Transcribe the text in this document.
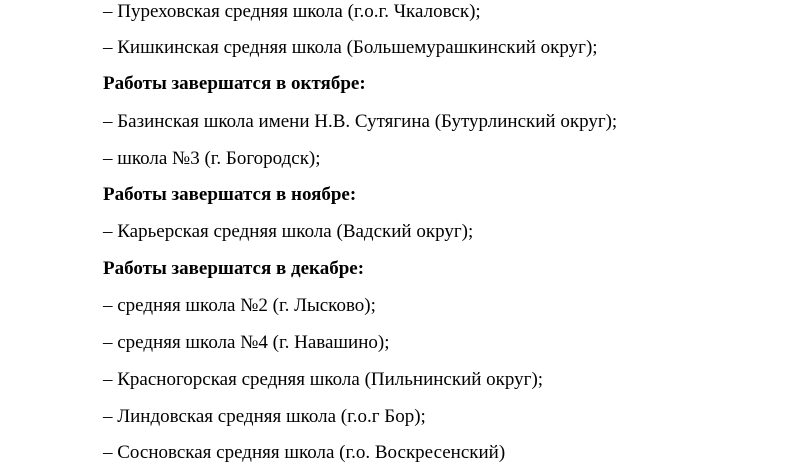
– Пуреховская средняя школа (г.о.г. Чкаловск);
– Кишкинская средняя школа (Большемурашкинский округ);
Работы завершатся в октябре:
– Базинская школа имени Н.В. Сутягина (Бутурлинский округ);
– школа №3 (г. Богородск);
Работы завершатся в ноябре:
– Карьерская средняя школа (Вадский округ);
Работы завершатся в декабре:
– средняя школа №2 (г. Лысково);
– средняя школа №4 (г. Навашино);
– Красногорская средняя школа (Пильнинский округ);
– Линдовская средняя школа (г.о.г Бор);
– Сосновская средняя школа (г.о. Воскресенский)
